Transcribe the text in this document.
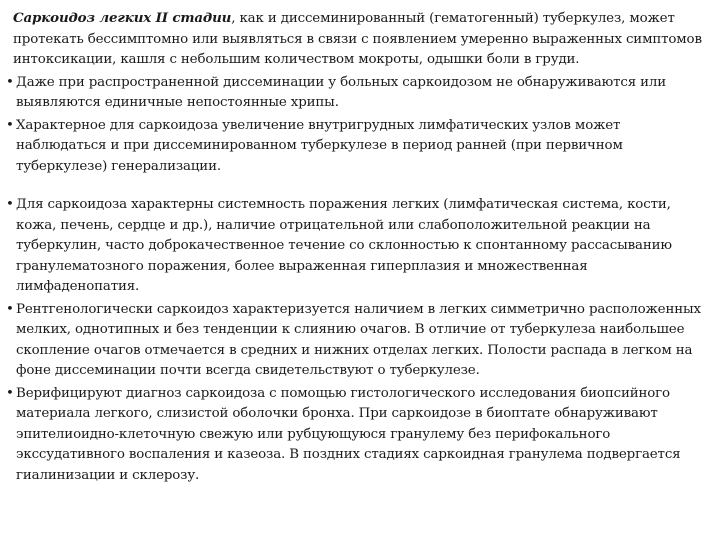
Саркоидоз легких II стадии, как и диссеминированный (гематогенный) туберкулез, может протекать бессимптомно или выявляться в связи с появлением умеренно выраженных симптомов интоксикации, кашля с небольшим количеством мокроты, одышки боли в груди.
• Даже при распространенной диссеминации у больных саркоидозом не обнаруживаются или выявляются единичные непостоянные хрипы.
• Характерное для саркоидоза увеличение внутригрудных лимфатических узлов может наблюдаться и при диссеминированном туберкулезе в период ранней (при первичном туберкулезе) генерализации.
• Для саркоидоза характерны системность поражения легких (лимфатическая система, кости, кожа, печень, сердце и др.), наличие отрицательной или слабоположительной реакции на туберкулин, часто доброкачественное течение со склонностью к спонтанному рассасыванию гранулематозного поражения, более выраженная гиперплазия и множественная лимфаденопатия.
• Рентгенологически саркоидоз характеризуется наличием в легких симметрично расположенных мелких, однотипных и без тенденции к слиянию очагов. В отличие от туберкулеза наибольшее скопление очагов отмечается в средних и нижних отделах легких. Полости распада в легком на фоне диссеминации почти всегда свидетельствуют о туберкулезе.
• Верифицируют диагноз саркоидоза с помощью гистологического исследования биопсийного материала легкого, слизистой оболочки бронха. При саркоидозе в биоптате обнаруживают эпителиоидно-клеточную свежую или рубцующуюся гранулему без перифокального экссудативного воспаления и казеоза. В поздних стадиях саркоидная гранулема подвергается гиалинизации и склерозу.
